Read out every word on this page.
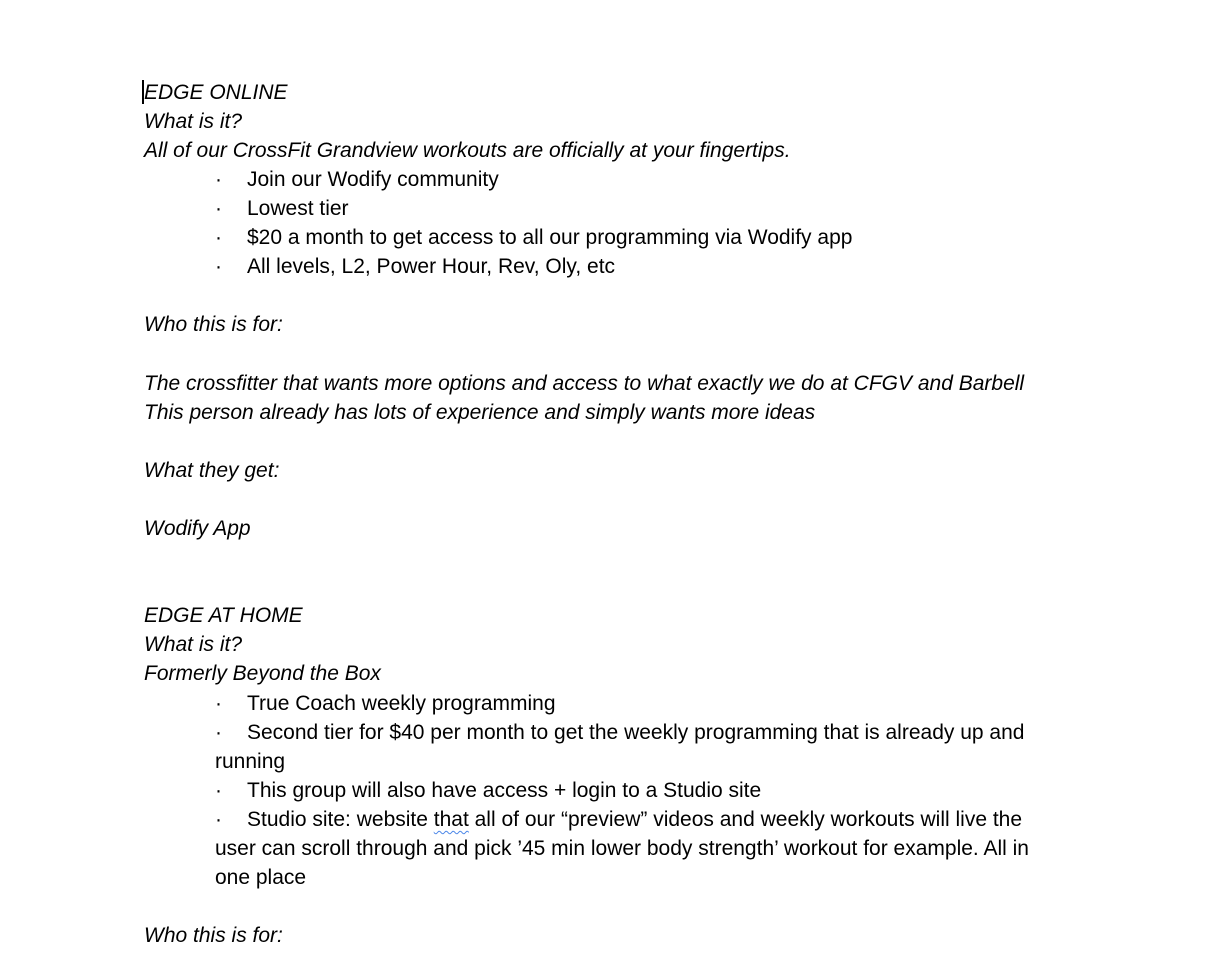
EDGE ONLINE
What is it?
All of our CrossFit Grandview workouts are officially at your fingertips.
· Join our Wodify community
· Lowest tier
· $20 a month to get access to all our programming via Wodify app
· All levels, L2, Power Hour, Rev, Oly, etc
Who this is for:
The crossfitter that wants more options and access to what exactly we do at CFGV and Barbell
This person already has lots of experience and simply wants more ideas
What they get:
Wodify App
EDGE AT HOME
What is it?
Formerly Beyond the Box
· True Coach weekly programming
· Second tier for $40 per month to get the weekly programming that is already up and
running
· This group will also have access + login to a Studio site
· Studio site: website that all of our “preview” videos and weekly workouts will live the
user can scroll through and pick ’45 min lower body strength’ workout for example. All in
one place
Who this is for:
